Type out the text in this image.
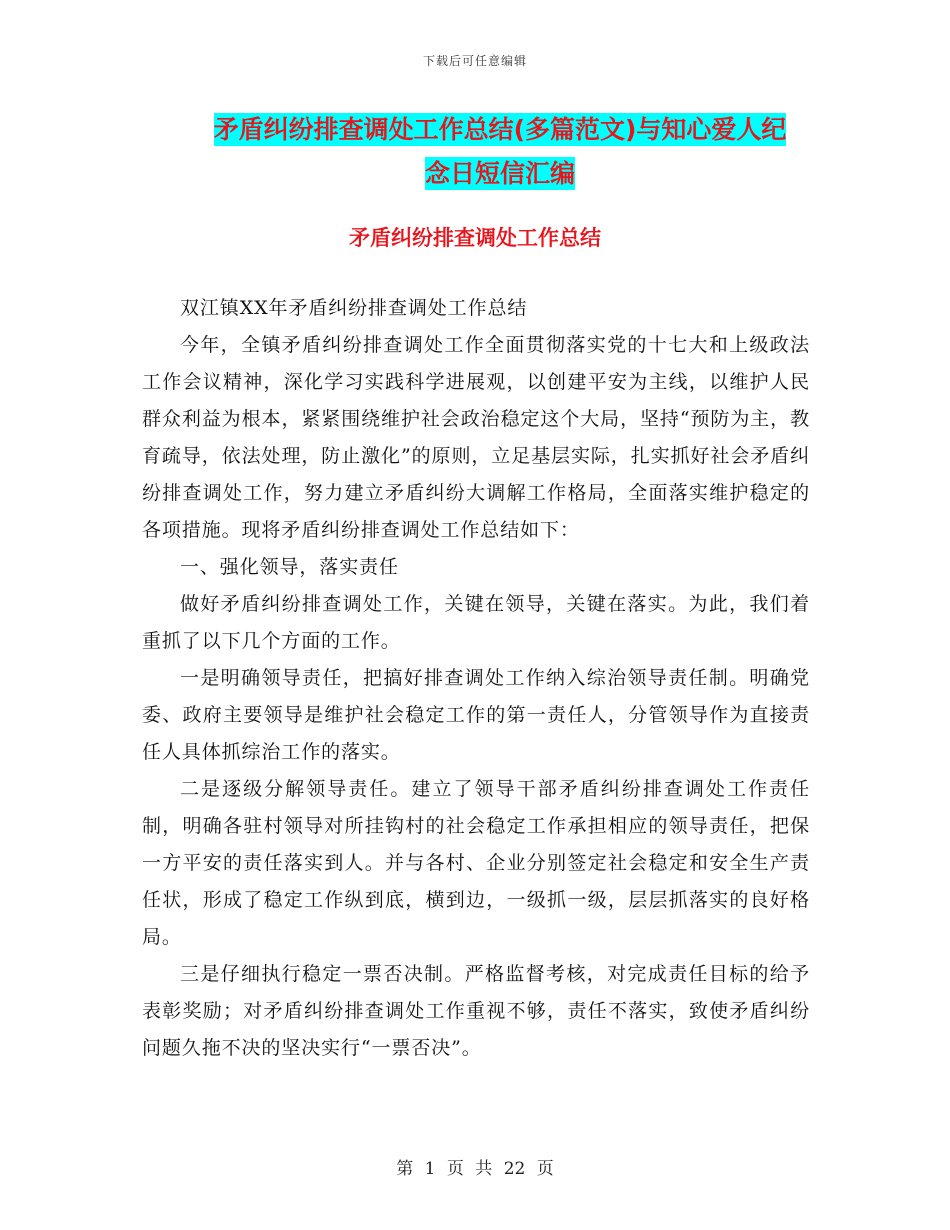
下载后可任意编辑
矛盾纠纷排查调处工作总结(多篇范文)与知心爱人纪
念日短信汇编
矛盾纠纷排查调处工作总结

双江镇XX年矛盾纠纷排查调处工作总结

今年，全镇矛盾纠纷排查调处工作全面贯彻落实党的十七大和上级政法工作会议精神，深化学习实践科学进展观，以创建平安为主线，以维护人民群众利益为根本，紧紧围绕维护社会政治稳定这个大局，坚持“预防为主，教育疏导，依法处理，防止激化”的原则，立足基层实际，扎实抓好社会矛盾纠纷排查调处工作，努力建立矛盾纠纷大调解工作格局，全面落实维护稳定的各项措施。现将矛盾纠纷排查调处工作总结如下：

一、强化领导，落实责任

做好矛盾纠纷排查调处工作，关键在领导，关键在落实。为此，我们着重抓了以下几个方面的工作。

一是明确领导责任，把搞好排查调处工作纳入综治领导责任制。明确党委、政府主要领导是维护社会稳定工作的第一责任人，分管领导作为直接责任人具体抓综治工作的落实。

二是逐级分解领导责任。建立了领导干部矛盾纠纷排查调处工作责任制，明确各驻村领导对所挂钩村的社会稳定工作承担相应的领导责任，把保一方平安的责任落实到人。并与各村、企业分别签定社会稳定和安全生产责任状，形成了稳定工作纵到底，横到边，一级抓一级，层层抓落实的良好格局。

三是仔细执行稳定一票否决制。严格监督考核，对完成责任目标的给予表彰奖励；对矛盾纠纷排查调处工作重视不够，责任不落实，致使矛盾纠纷问题久拖不决的坚决实行“一票否决”。

第 1 页 共 22 页
